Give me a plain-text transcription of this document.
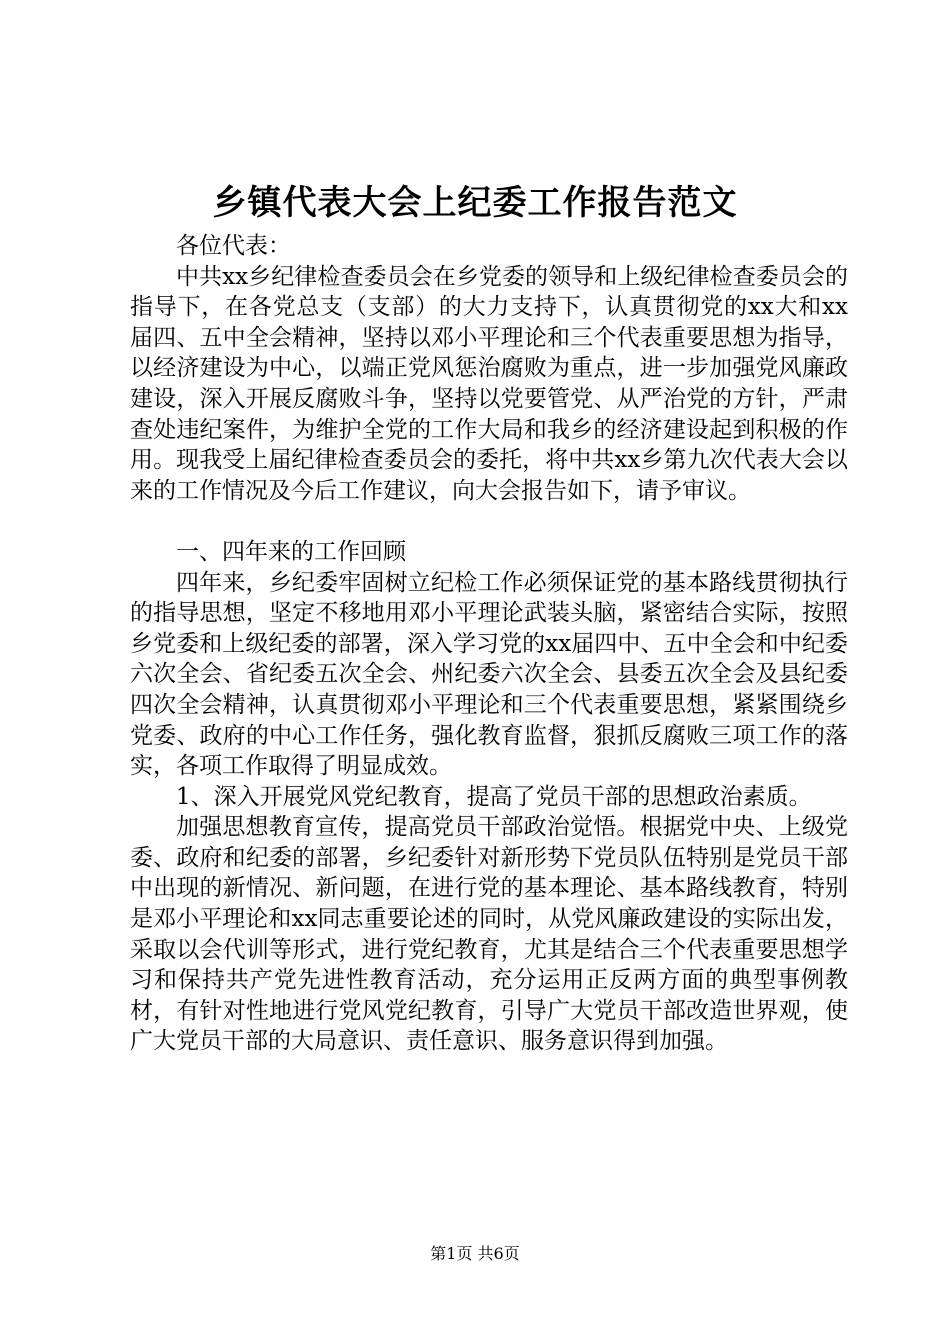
乡镇代表大会上纪委工作报告范文

各位代表：

中共xx乡纪律检查委员会在乡党委的领导和上级纪律检查委员会的指导下，在各党总支（支部）的大力支持下，认真贯彻党的xx大和xx届四、五中全会精神，坚持以邓小平理论和三个代表重要思想为指导，以经济建设为中心，以端正党风惩治腐败为重点，进一步加强党风廉政建设，深入开展反腐败斗争，坚持以党要管党、从严治党的方针，严肃查处违纪案件，为维护全党的工作大局和我乡的经济建设起到积极的作用。现我受上届纪律检查委员会的委托，将中共xx乡第九次代表大会以来的工作情况及今后工作建议，向大会报告如下，请予审议。

一、四年来的工作回顾

四年来，乡纪委牢固树立纪检工作必须保证党的基本路线贯彻执行的指导思想，坚定不移地用邓小平理论武装头脑，紧密结合实际，按照乡党委和上级纪委的部署，深入学习党的xx届四中、五中全会和中纪委六次全会、省纪委五次全会、州纪委六次全会、县委五次全会及县纪委四次全会精神，认真贯彻邓小平理论和三个代表重要思想，紧紧围绕乡党委、政府的中心工作任务，强化教育监督，狠抓反腐败三项工作的落实，各项工作取得了明显成效。

1、深入开展党风党纪教育，提高了党员干部的思想政治素质。

加强思想教育宣传，提高党员干部政治觉悟。根据党中央、上级党委、政府和纪委的部署，乡纪委针对新形势下党员队伍特别是党员干部中出现的新情况、新问题，在进行党的基本理论、基本路线教育，特别是邓小平理论和xx同志重要论述的同时，从党风廉政建设的实际出发，采取以会代训等形式，进行党纪教育，尤其是结合三个代表重要思想学习和保持共产党先进性教育活动，充分运用正反两方面的典型事例教材，有针对性地进行党风党纪教育，引导广大党员干部改造世界观，使广大党员干部的大局意识、责任意识、服务意识得到加强。

第1页 共6页
